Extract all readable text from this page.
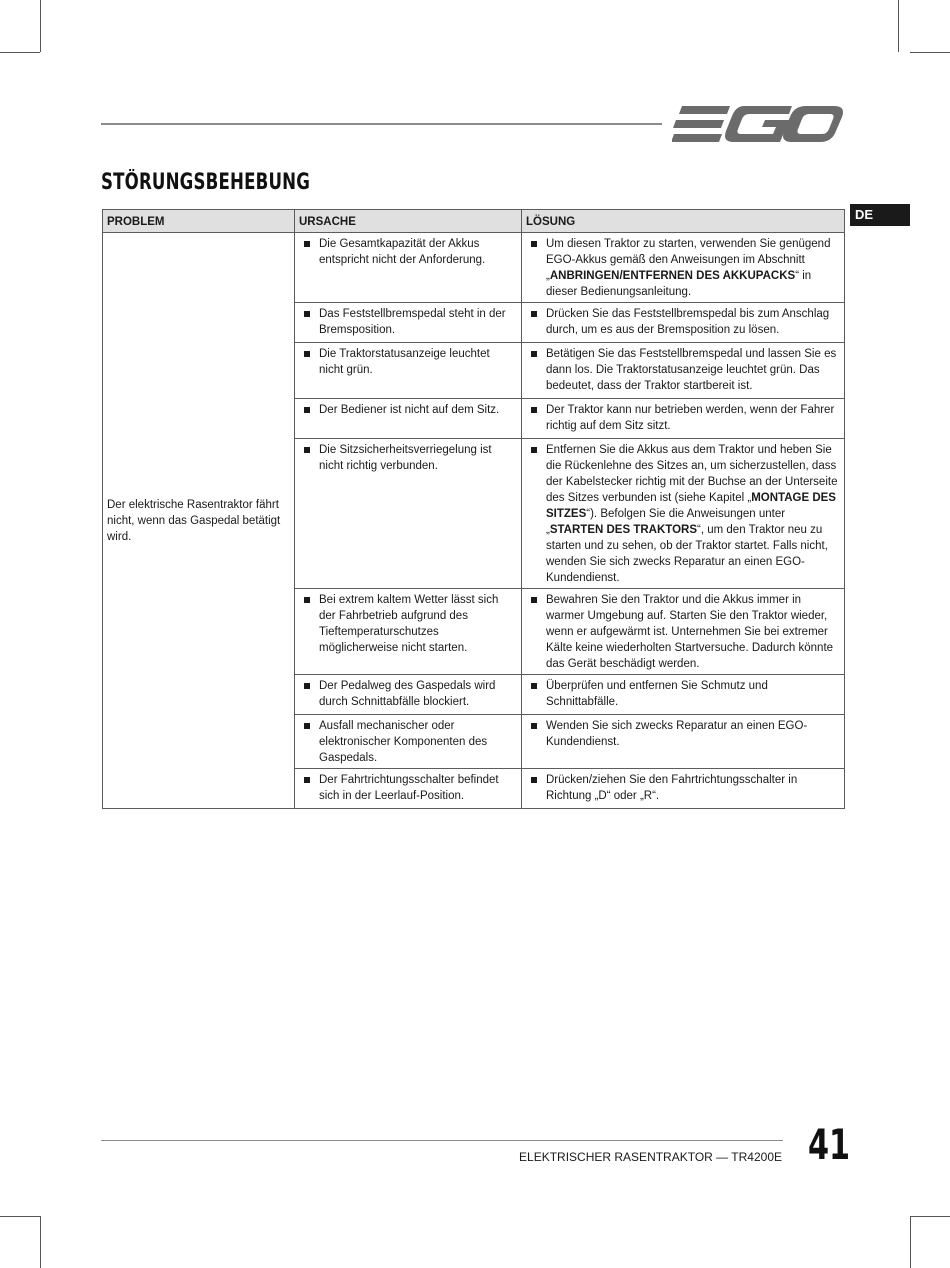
STÖRUNGSBEHEBUNG
DE
PROBLEM	URSACHE	LÖSUNG
Der elektrische Rasentraktor fährt nicht, wenn das Gaspedal betätigt wird.	Die Gesamtkapazität der Akkus entspricht nicht der Anforderung.	Um diesen Traktor zu starten, verwenden Sie genügend EGO-Akkus gemäß den Anweisungen im Abschnitt „ANBRINGEN/ENTFERNEN DES AKKUPACKS“ in dieser Bedienungsanleitung.

	Das Feststellbremspedal steht in der Bremsposition.	Drücken Sie das Feststellbremspedal bis zum Anschlag durch, um es aus der Bremsposition zu lösen.

	Die Traktorstatusanzeige leuchtet nicht grün.	Betätigen Sie das Feststellbremspedal und lassen Sie es dann los. Die Traktorstatusanzeige leuchtet grün. Das bedeutet, dass der Traktor startbereit ist.

	Der Bediener ist nicht auf dem Sitz.	Der Traktor kann nur betrieben werden, wenn der Fahrer richtig auf dem Sitz sitzt.

	Die Sitzsicherheitsverriegelung ist nicht richtig verbunden.	Entfernen Sie die Akkus aus dem Traktor und heben Sie die Rückenlehne des Sitzes an, um sicherzustellen, dass der Kabelstecker richtig mit der Buchse an der Unterseite des Sitzes verbunden ist (siehe Kapitel „MONTAGE DES SITZES“). Befolgen Sie die Anweisungen unter „STARTEN DES TRAKTORS“, um den Traktor neu zu starten und zu sehen, ob der Traktor startet. Falls nicht, wenden Sie sich zwecks Reparatur an einen EGO-Kundendienst.

	Bei extrem kaltem Wetter lässt sich der Fahrbetrieb aufgrund des Tieftemperaturschutzes möglicherweise nicht starten.	Bewahren Sie den Traktor und die Akkus immer in warmer Umgebung auf. Starten Sie den Traktor wieder, wenn er aufgewärmt ist. Unternehmen Sie bei extremer Kälte keine wiederholten Startversuche. Dadurch könnte das Gerät beschädigt werden.

	Der Pedalweg des Gaspedals wird durch Schnittabfälle blockiert.	Überprüfen und entfernen Sie Schmutz und Schnittabfälle.

	Ausfall mechanischer oder elektronischer Komponenten des Gaspedals.	Wenden Sie sich zwecks Reparatur an einen EGO-Kundendienst.

	Der Fahrtrichtungsschalter befindet sich in der Leerlauf-Position.	Drücken/ziehen Sie den Fahrtrichtungsschalter in Richtung „D“ oder „R“.
ELEKTRISCHER RASENTRAKTOR — TR4200E 41
